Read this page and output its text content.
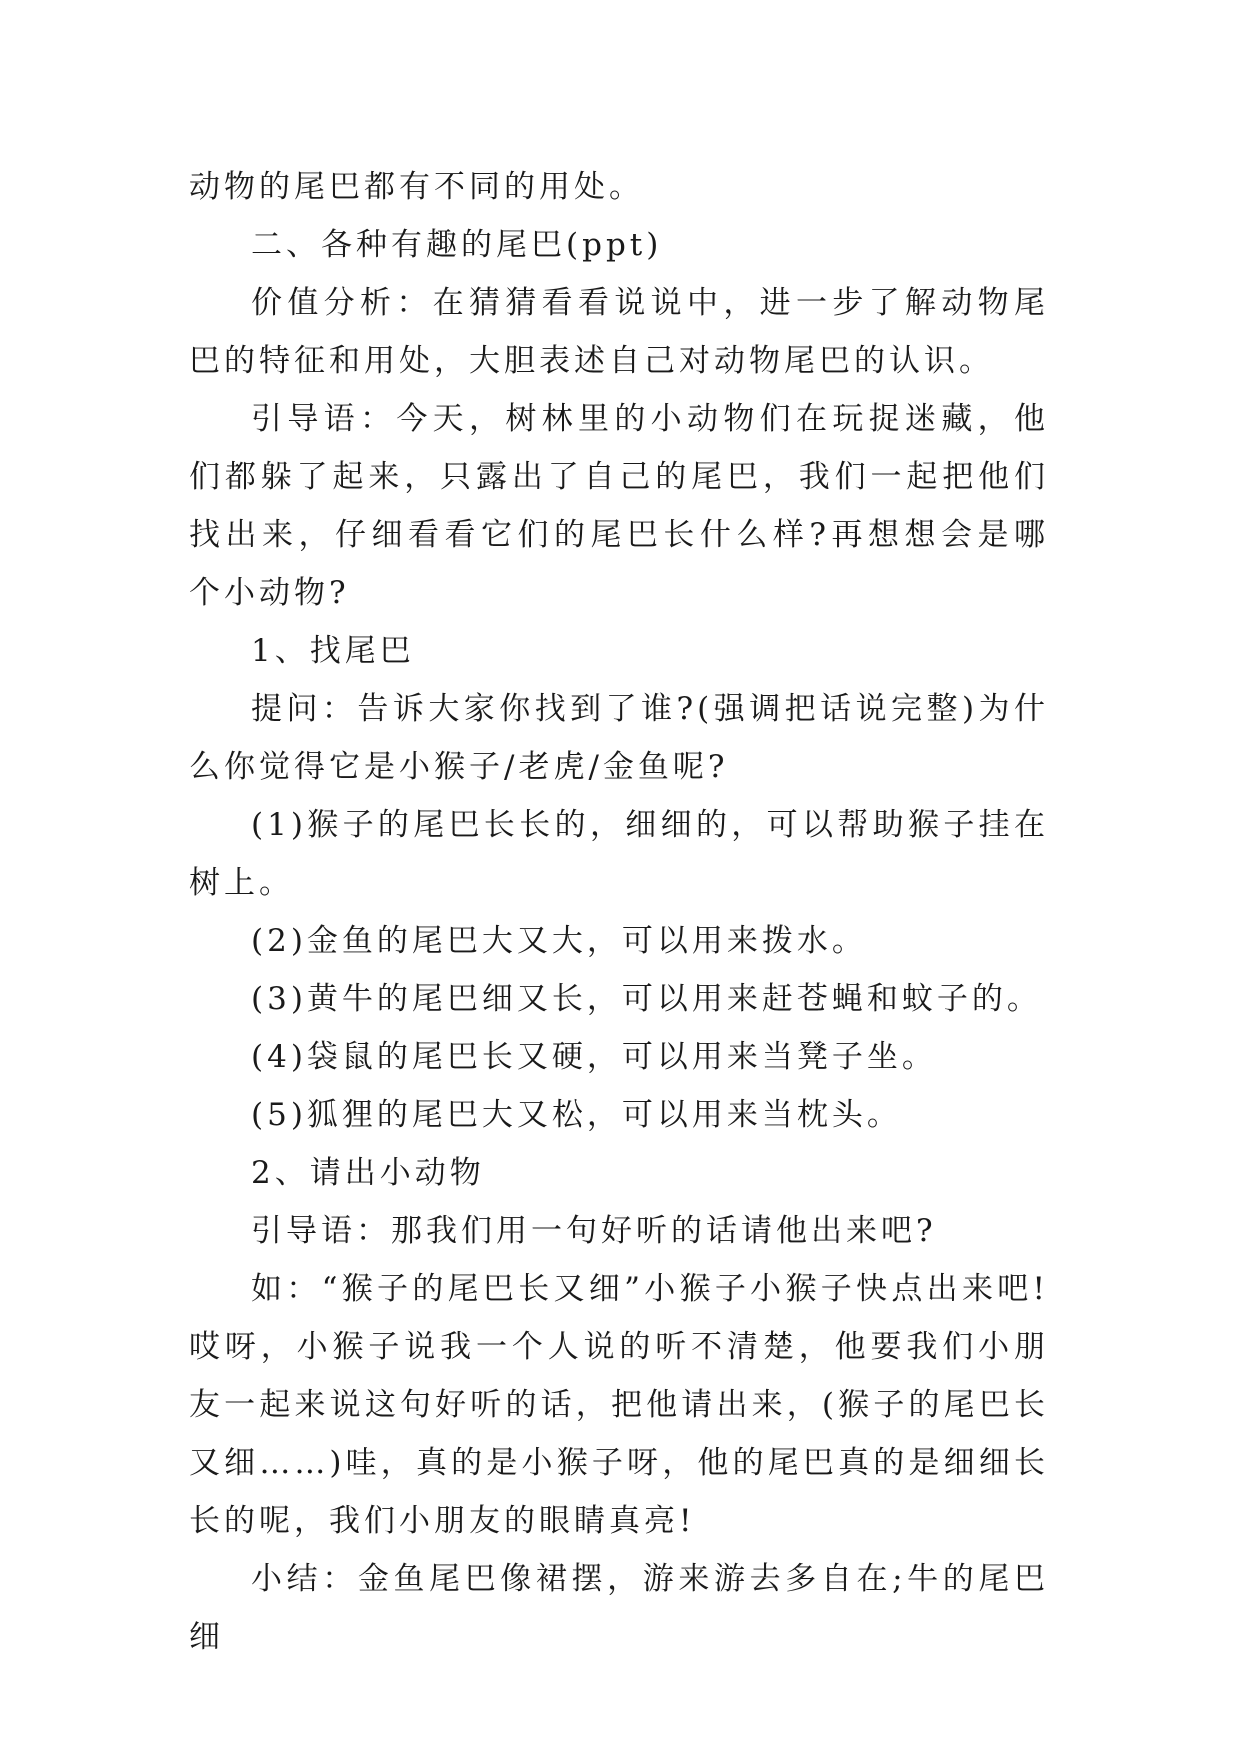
动物的尾巴都有不同的用处。

二、各种有趣的尾巴(ppt)

价值分析：在猜猜看看说说中，进一步了解动物尾巴的特征和用处，大胆表述自己对动物尾巴的认识。

引导语：今天，树林里的小动物们在玩捉迷藏，他们都躲了起来，只露出了自己的尾巴，我们一起把他们找出来，仔细看看它们的尾巴长什么样?再想想会是哪个小动物?

1、找尾巴

提问：告诉大家你找到了谁?(强调把话说完整)为什么你觉得它是小猴子/老虎/金鱼呢?

(1)猴子的尾巴长长的，细细的，可以帮助猴子挂在树上。

(2)金鱼的尾巴大又大，可以用来拨水。

(3)黄牛的尾巴细又长，可以用来赶苍蝇和蚊子的。

(4)袋鼠的尾巴长又硬，可以用来当凳子坐。

(5)狐狸的尾巴大又松，可以用来当枕头。

2、请出小动物

引导语：那我们用一句好听的话请他出来吧?

如：“猴子的尾巴长又细”小猴子小猴子快点出来吧!哎呀，小猴子说我一个人说的听不清楚，他要我们小朋友一起来说这句好听的话，把他请出来，(猴子的尾巴长又细……)哇，真的是小猴子呀，他的尾巴真的是细细长长的呢，我们小朋友的眼睛真亮!

小结：金鱼尾巴像裙摆，游来游去多自在;牛的尾巴细
